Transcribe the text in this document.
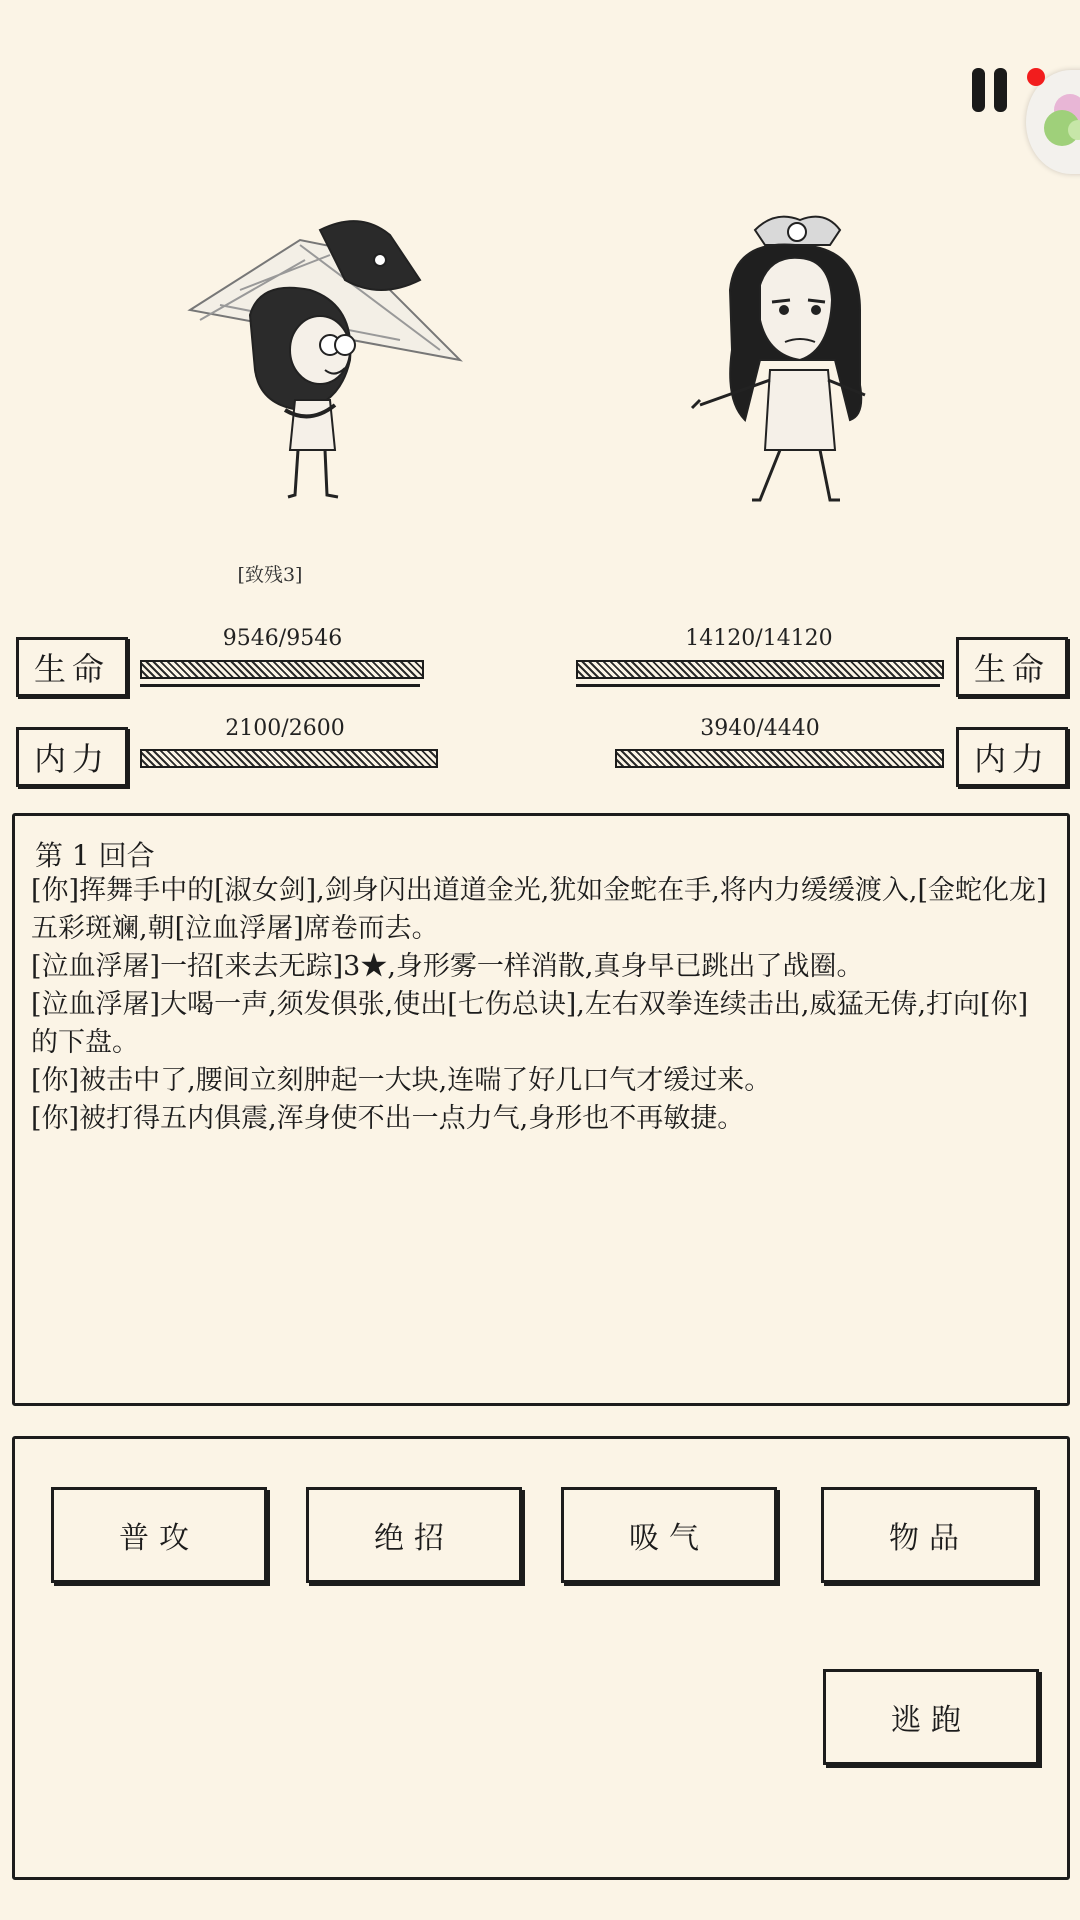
[致残3]
生命
9546/9546
内力
2100/2600
生命
14120/14120
内力
3940/4440
第 1 回合
[你]挥舞手中的[淑女剑],剑身闪出道道金光,犹如金蛇在手,将内力缓缓渡入,[金蛇化龙]五彩斑斓,朝[泣血浮屠]席卷而去。
[泣血浮屠]一招[来去无踪]3★,身形雾一样消散,真身早已跳出了战圈。
[泣血浮屠]大喝一声,须发俱张,使出[七伤总诀],左右双拳连续击出,威猛无俦,打向[你]的下盘。
[你]被击中了,腰间立刻肿起一大块,连喘了好几口气才缓过来。
[你]被打得五内俱震,浑身使不出一点力气,身形也不再敏捷。
普攻	绝招	吸气	物品
逃跑
